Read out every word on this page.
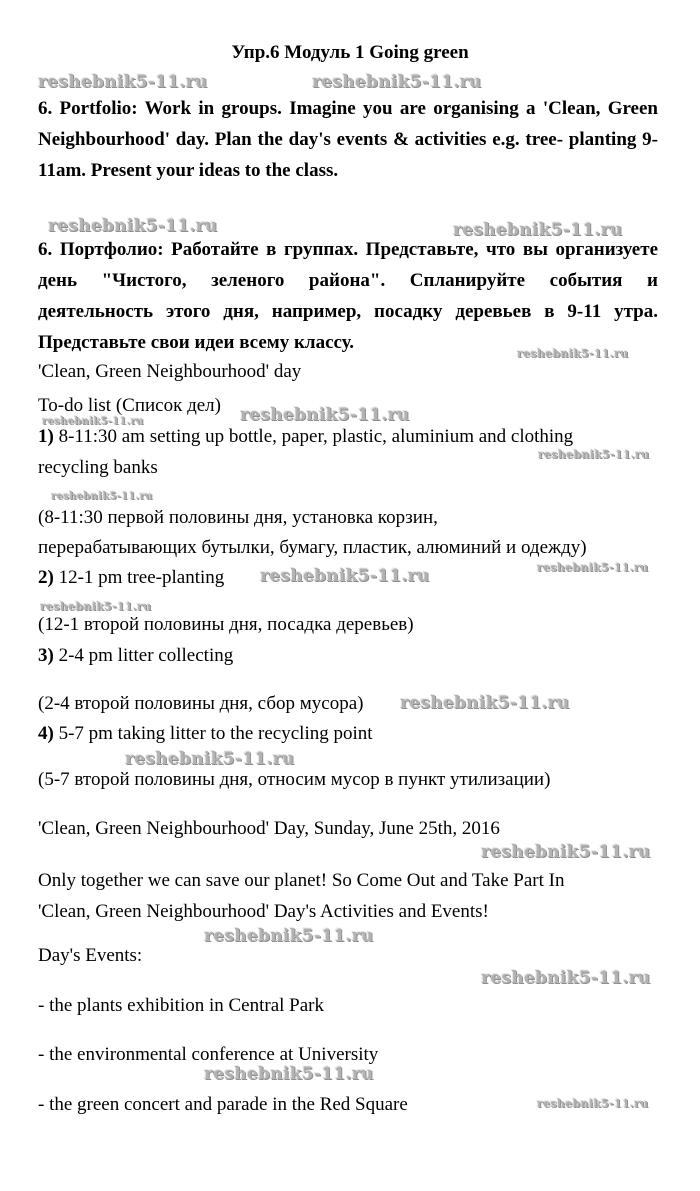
Упр.6 Модуль 1 Going green
reshebnik5-11.ru	reshebnik5-11.ru
reshebnik5-11.ru	reshebnik5-11.ru
reshebnik5-11.ru
reshebnik5-11.ru
reshebnik5-11.ru
reshebnik5-11.ru
reshebnik5-11.ru
reshebnik5-11.ru	reshebnik5-11.ru
reshebnik5-11.ru
reshebnik5-11.ru
reshebnik5-11.ru
reshebnik5-11.ru
reshebnik5-11.ru
reshebnik5-11.ru
reshebnik5-11.ru
reshebnik5-11.ru
6. Portfolio: Work in groups. Imagine you are organising a 'Clean, Green Neighbourhood' day. Plan the day's events & activities e.g. tree- planting 9-11am. Present your ideas to the class.
6. Портфолио: Работайте в группах. Представьте, что вы организуете день "Чистого, зеленого района". Спланируйте события и деятельность этого дня, например, посадку деревьев в 9-11 утра. Представьте свои идеи всему классу.
'Clean, Green Neighbourhood' day
To-do list (Список дел)
1) 8-11:30 am setting up bottle, paper, plastic, aluminium and clothing
recycling banks
(8-11:30 первой половины дня, установка корзин,
перерабатывающих бутылки, бумагу, пластик, алюминий и одежду)
2) 12-1 pm tree-planting
(12-1 второй половины дня, посадка деревьев)
3) 2-4 pm litter collecting
(2-4 второй половины дня, сбор мусора)
4) 5-7 pm taking litter to the recycling point
(5-7 второй половины дня, относим мусор в пункт утилизации)
'Clean, Green Neighbourhood' Day, Sunday, June 25th, 2016
Only together we can save our planet! So Come Out and Take Part In
'Clean, Green Neighbourhood' Day's Activities and Events!
Day's Events:
- the plants exhibition in Central Park
- the environmental conference at University
- the green concert and parade in the Red Square
